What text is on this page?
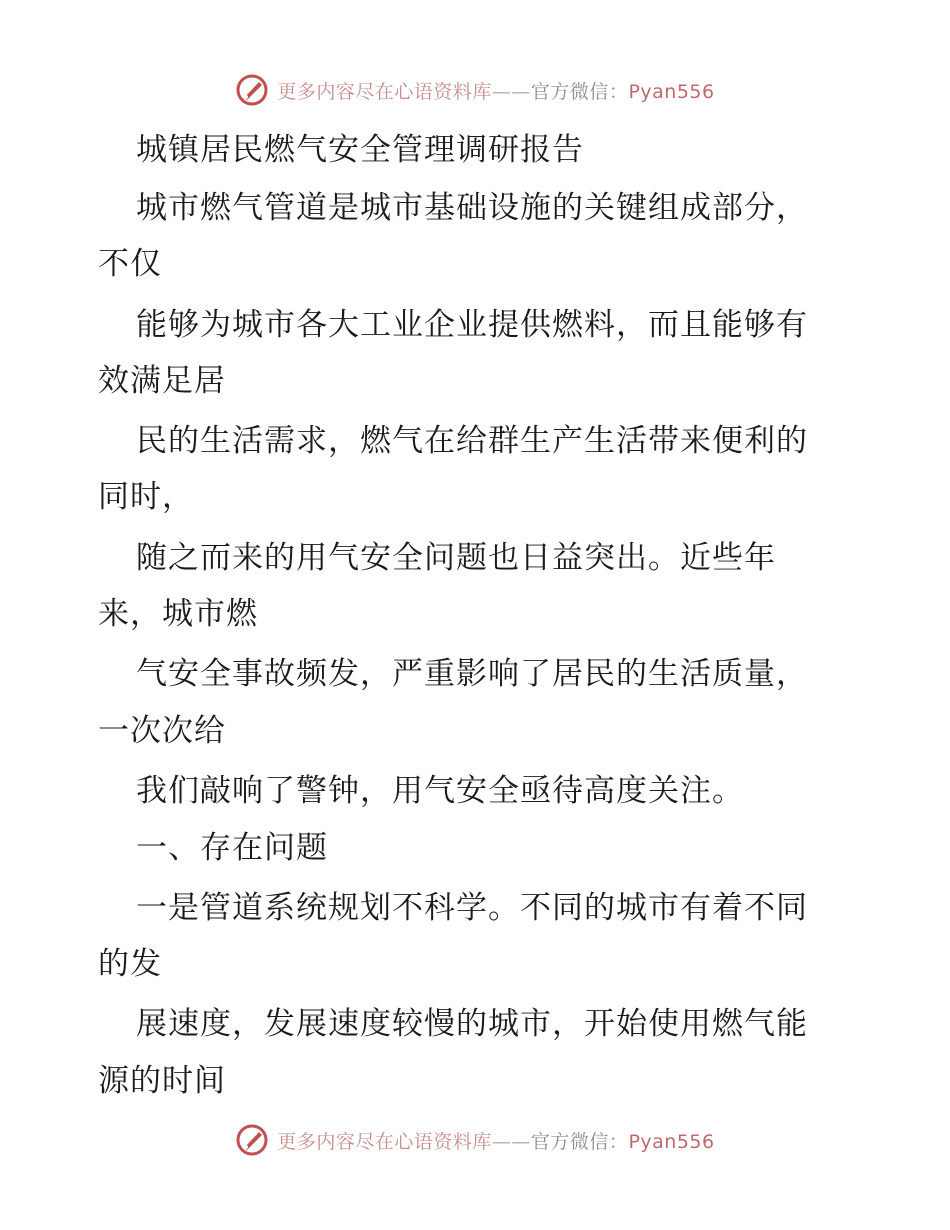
更多内容尽在心语资料库——官方微信：Pyan556
城镇居民燃气安全管理调研报告
城市燃气管道是城市基础设施的关键组成部分，
不仅
能够为城市各大工业企业提供燃料，而且能够有
效满足居
民的生活需求，燃气在给群生产生活带来便利的
同时，
随之而来的用气安全问题也日益突出。近些年
来，城市燃
气安全事故频发，严重影响了居民的生活质量，
一次次给
我们敲响了警钟，用气安全亟待高度关注。
一、存在问题
一是管道系统规划不科学。不同的城市有着不同
的发
展速度，发展速度较慢的城市，开始使用燃气能
源的时间
更多内容尽在心语资料库——官方微信：Pyan556
